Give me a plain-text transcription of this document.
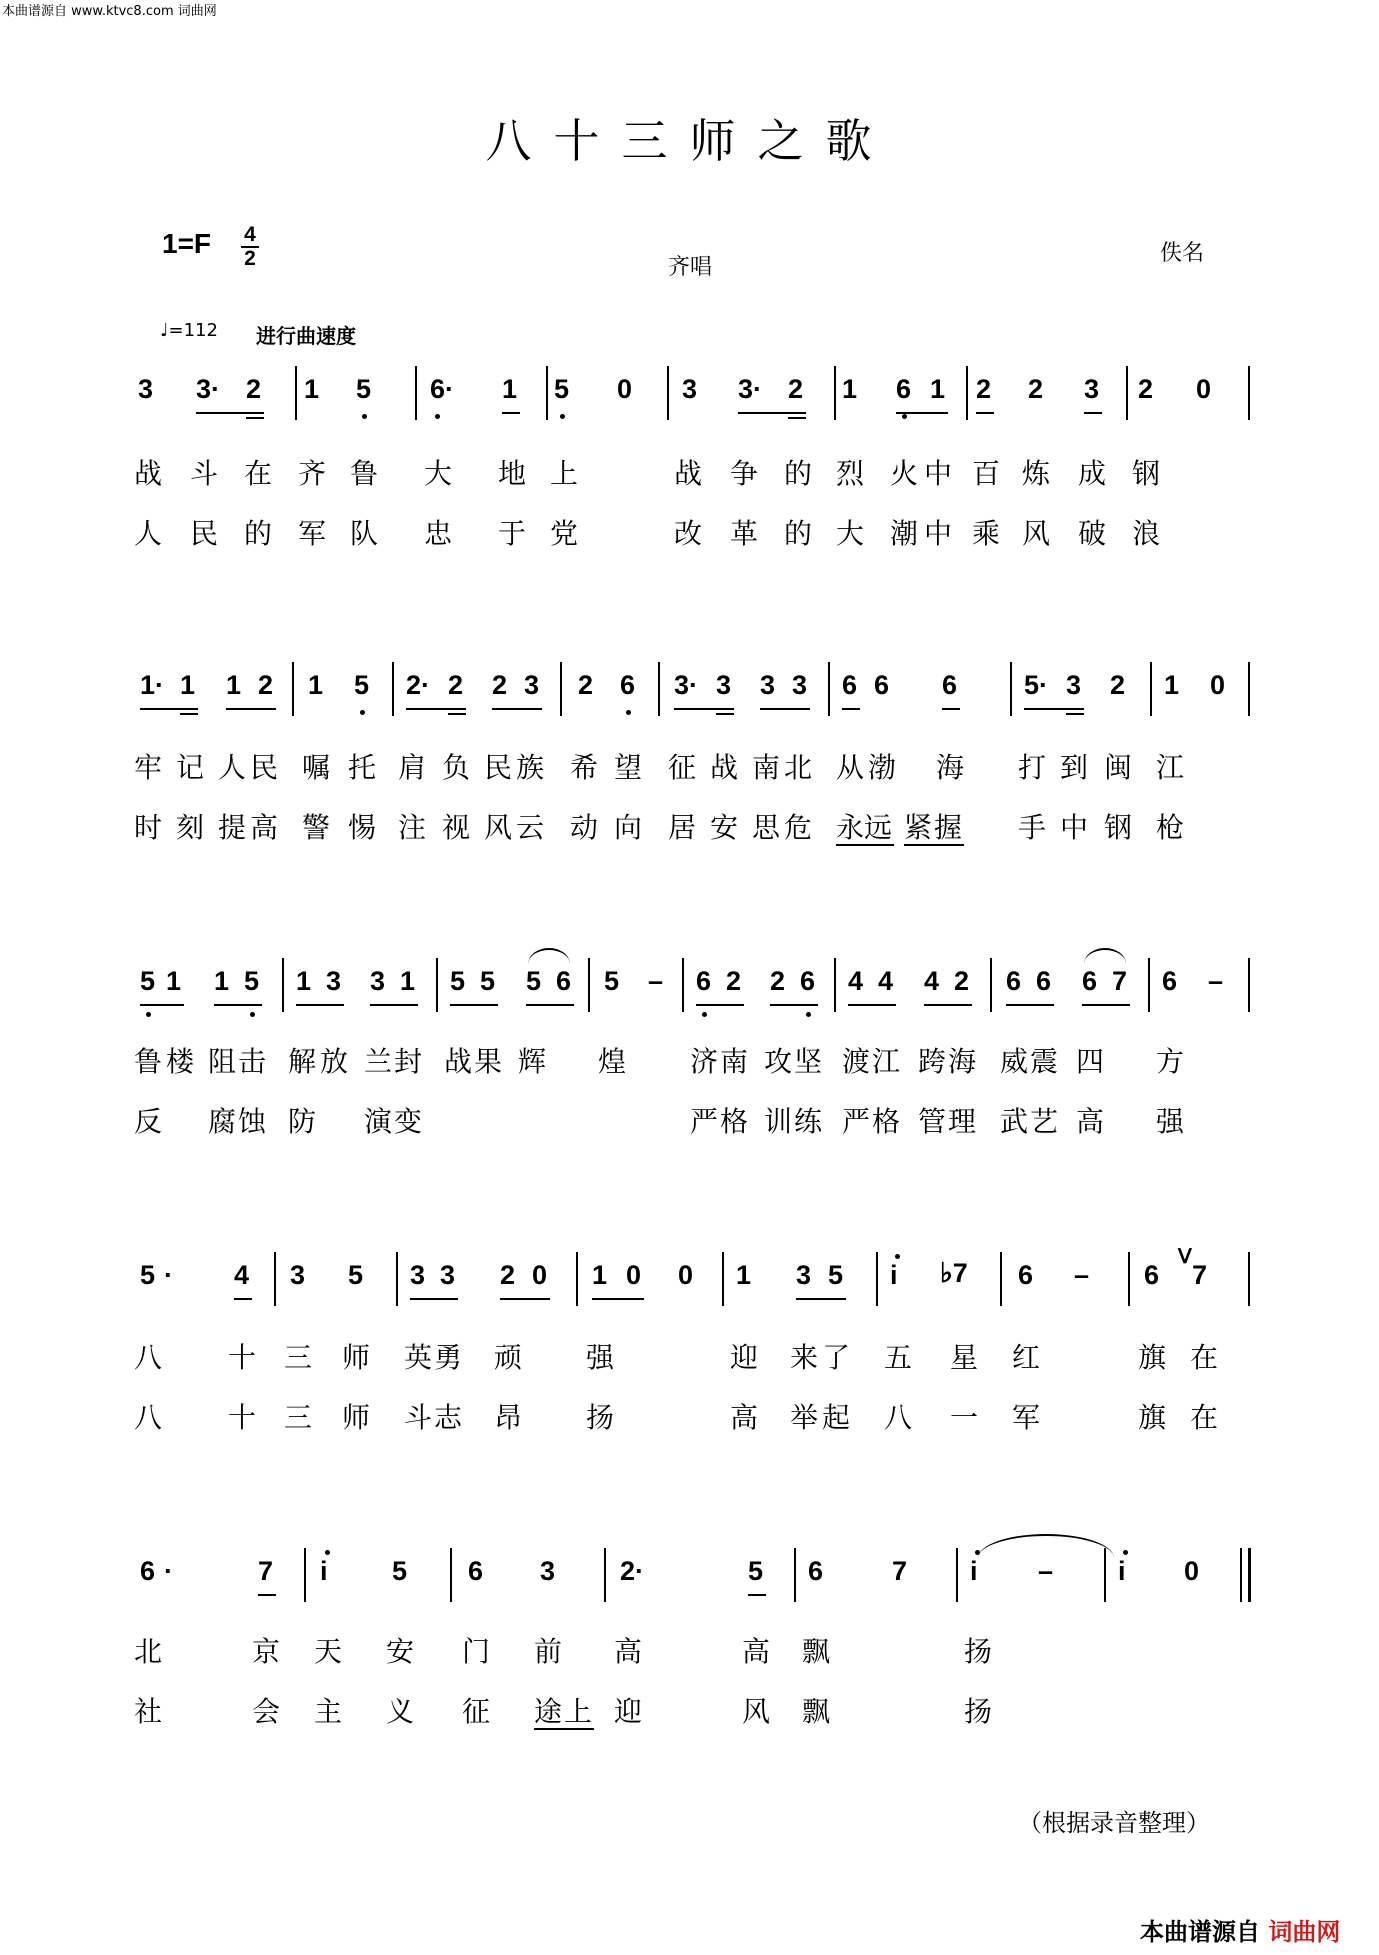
本曲谱源自 www.ktvc8.com 词曲网
八十三师之歌
1=F 4
2	齐唱
佚名
♩=112 进行曲速度
3 3· 2 1 5 6· 1 5 0 3 3· 2 1 6 1 2 2 3 2 0
战 斗 在 齐 鲁 大 地 上	战 争 的 烈 火 中 百 炼 成 钢
人 民 的 军 队 忠 于 党	改 革 的 大 潮 中 乘 风 破 浪
1· 1 1 2 1 5 2· 2 2 3 2 6 3· 3 3 3 6 6 6 5· 3 2 1 0
牢 记 人 民 嘱 托 肩 负 民 族 希 望 征 战 南 北 从 渤 海 打 到 闽 江
时 刻 提 高 警 惕 注 视 风 云 动 向 居 安 思 危 永 远 紧 握 手 中 钢 枪
5 1 1 5 1 3 3 1 5 5 5 6 5 – 6 2 2 6 4 4 4 2 6 6 6 7 6 –
鲁 楼 阻 击 解 放 兰 封 战 果 辉 煌 济 南 攻 坚 渡 江 跨 海 威 震 四 方
反 腐 蚀 防 演 变	严 格 训 练 严 格 管 理 武 艺 高 强
5 · 4 3 5 3 3 2 0 1 0 0 1 3 5 i ♭7 6 – 6
ᐯ
7
八 十 三 师 英 勇 顽 强	迎 来 了 五 星 红	旗 在
八 十 三 师 斗 志 昂 扬	高 举 起 八 一 军	旗 在
6 ·	7 i 5 6 3 2·	5 6	7 i – i 0
北	京 天 安 门 前 高	高 飘	扬
社	会 主 义 征 途 上 迎	风 飘	扬
（根据录音整理）
本曲谱源自 词曲网
